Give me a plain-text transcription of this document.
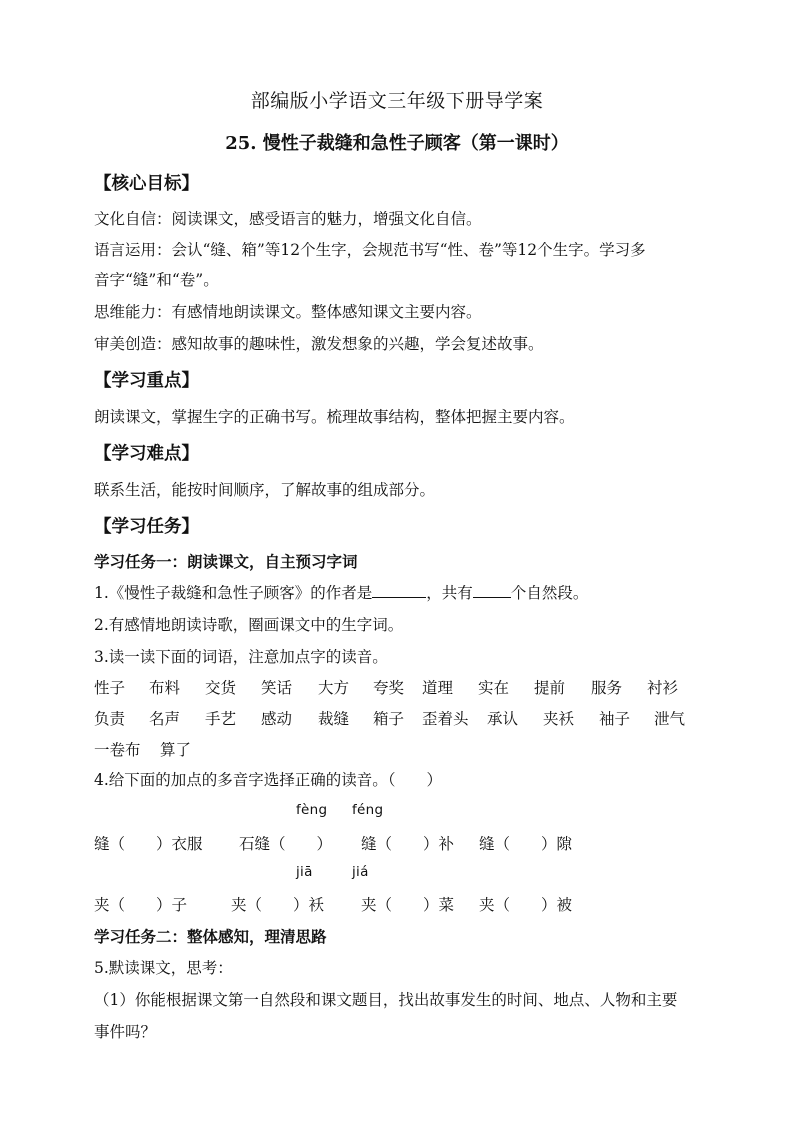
部编版小学语文三年级下册导学案
25. 慢性子裁缝和急性子顾客（第一课时）
【核心目标】
文化自信：阅读课文，感受语言的魅力，增强文化自信。
语言运用：会认“缝、箱”等12个生字，会规范书写“性、卷”等12个生字。学习多
音字“缝”和“卷”。
思维能力：有感情地朗读课文。整体感知课文主要内容。
审美创造：感知故事的趣味性，激发想象的兴趣，学会复述故事。
【学习重点】
朗读课文，掌握生字的正确书写。梳理故事结构，整体把握主要内容。
【学习难点】
联系生活，能按时间顺序，了解故事的组成部分。
【学习任务】
学习任务一：朗读课文，自主预习字词
1.《慢性子裁缝和急性子顾客》的作者是	，共有 个自然段。
2.有感情地朗读诗歌，圈画课文中的生字词。
3.读一读下面的词语，注意加点字的读音。
性子 布料 交货 笑话 大方 夸奖 道理 实在 提前 服务 衬衫
负责 名声 手艺 感动 裁缝 箱子 歪着头 承认 夹袄 袖子 泄气
一卷布 算了
4.给下面的加点的多音字选择正确的读音。（　　）
fèng féng
缝（　　）衣服 石缝（　　） 缝（　　）补 缝（　　）隙
jiā	jiá
夹（　　）子	夹（　　）袄 夹（　　）菜 夹（　　）被
学习任务二：整体感知，理清思路
5.默读课文，思考：
（1）你能根据课文第一自然段和课文题目，找出故事发生的时间、地点、人物和主要
事件吗？
